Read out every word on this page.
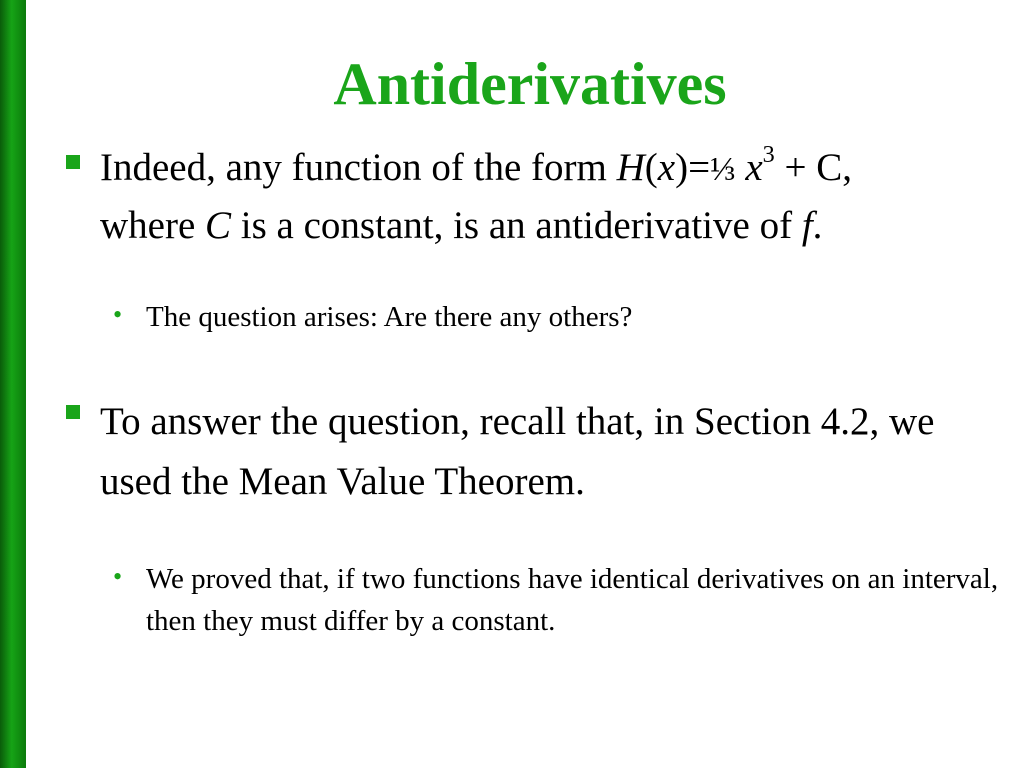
Antiderivatives

Indeed, any function of the form H(x)=⅓ $x^3 + C$,

where C is a constant, is an antiderivative of f.

• The question arises: Are there any others?

To answer the question, recall that, in Section 4.2, we used the Mean Value Theorem.

• We proved that, if two functions have identical derivatives on an interval, then they must differ by a constant.
